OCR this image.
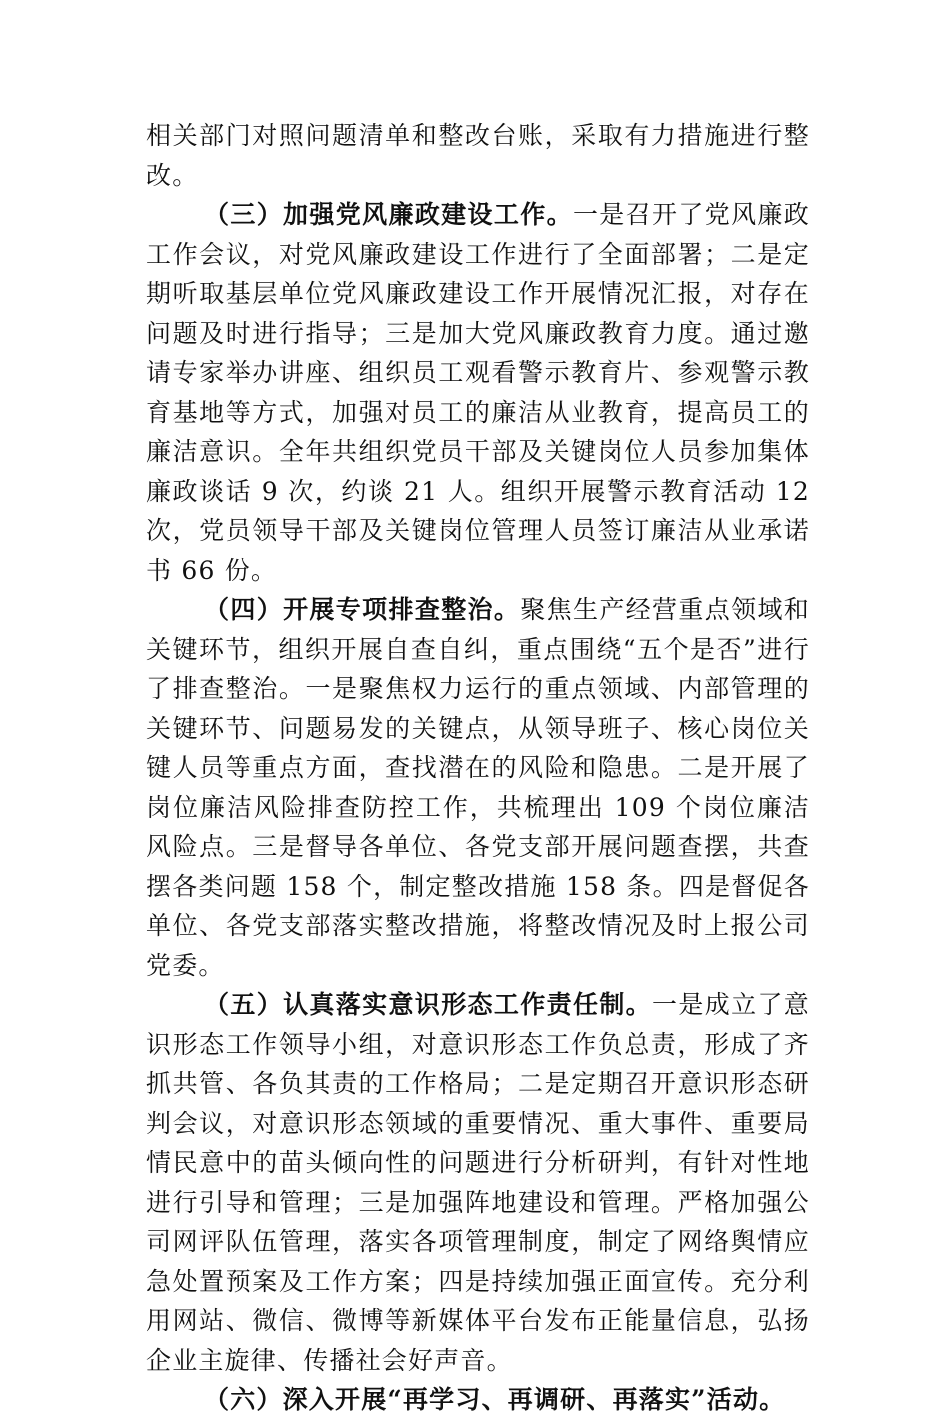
相关部门对照问题清单和整改台账，采取有力措施进行整改。

（三）加强党风廉政建设工作。一是召开了党风廉政工作会议，对党风廉政建设工作进行了全面部署；二是定期听取基层单位党风廉政建设工作开展情况汇报，对存在问题及时进行指导；三是加大党风廉政教育力度。通过邀请专家举办讲座、组织员工观看警示教育片、参观警示教育基地等方式，加强对员工的廉洁从业教育，提高员工的廉洁意识。全年共组织党员干部及关键岗位人员参加集体廉政谈话 9 次，约谈 21 人。组织开展警示教育活动 12 次，党员领导干部及关键岗位管理人员签订廉洁从业承诺书 66 份。

（四）开展专项排查整治。聚焦生产经营重点领域和关键环节，组织开展自查自纠，重点围绕“五个是否”进行了排查整治。一是聚焦权力运行的重点领域、内部管理的关键环节、问题易发的关键点，从领导班子、核心岗位关键人员等重点方面，查找潜在的风险和隐患。二是开展了岗位廉洁风险排查防控工作，共梳理出 109 个岗位廉洁风险点。三是督导各单位、各党支部开展问题查摆，共查摆各类问题 158 个，制定整改措施 158 条。四是督促各单位、各党支部落实整改措施，将整改情况及时上报公司党委。

（五）认真落实意识形态工作责任制。一是成立了意识形态工作领导小组，对意识形态工作负总责，形成了齐抓共管、各负其责的工作格局；二是定期召开意识形态研判会议，对意识形态领域的重要情况、重大事件、重要局情民意中的苗头倾向性的问题进行分析研判，有针对性地进行引导和管理；三是加强阵地建设和管理。严格加强公司网评队伍管理，落实各项管理制度，制定了网络舆情应急处置预案及工作方案；四是持续加强正面宣传。充分利用网站、微信、微博等新媒体平台发布正能量信息，弘扬企业主旋律、传播社会好声音。

（六）深入开展“再学习、再调研、再落实”活动。
